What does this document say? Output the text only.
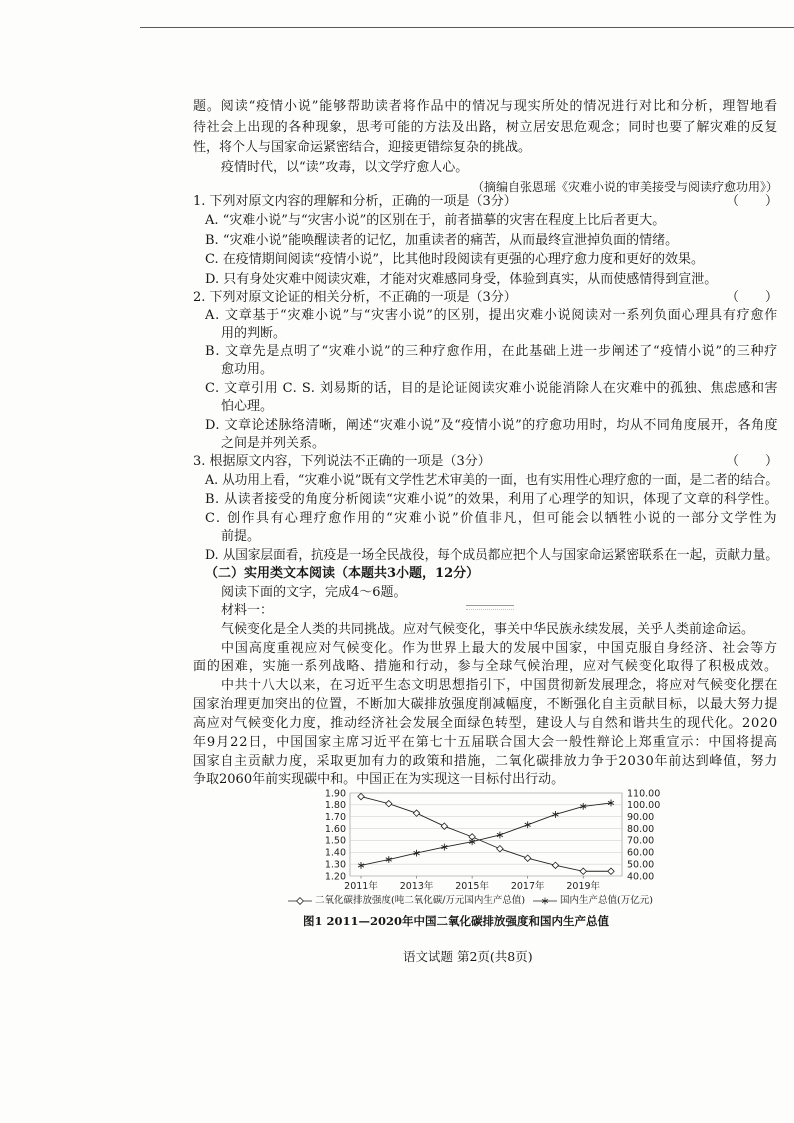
题。阅读“疫情小说”能够帮助读者将作品中的情况与现实所处的情况进行对比和分析，理智地看
待社会上出现的各种现象，思考可能的方法及出路，树立居安思危观念；同时也要了解灾难的反复
性，将个人与国家命运紧密结合，迎接更错综复杂的挑战。
疫情时代，以“读”攻毒，以文学疗愈人心。
（摘编自张恩瑶《灾难小说的审美接受与阅读疗愈功用》）
1. 下列对原文内容的理解和分析，正确的一项是（3分）	（　　）
A. “灾难小说”与“灾害小说”的区别在于，前者描摹的灾害在程度上比后者更大。
B. “灾难小说”能唤醒读者的记忆，加重读者的痛苦，从而最终宣泄掉负面的情绪。
C. 在疫情期间阅读“疫情小说”，比其他时段阅读有更强的心理疗愈力度和更好的效果。
D. 只有身处灾难中阅读灾难，才能对灾难感同身受，体验到真实，从而使感情得到宣泄。
2. 下列对原文论证的相关分析，不正确的一项是（3分）	（　　）
A. 文章基于“灾难小说”与“灾害小说”的区别，提出灾难小说阅读对一系列负面心理具有疗愈作
用的判断。
B. 文章先是点明了“灾难小说”的三种疗愈作用，在此基础上进一步阐述了“疫情小说”的三种疗
愈功用。
C. 文章引用 C. S. 刘易斯的话，目的是论证阅读灾难小说能消除人在灾难中的孤独、焦虑感和害
怕心理。
D. 文章论述脉络清晰，阐述“灾难小说”及“疫情小说”的疗愈功用时，均从不同角度展开，各角度
之间是并列关系。
3. 根据原文内容，下列说法不正确的一项是（3分）	（　　）
A. 从功用上看，“灾难小说”既有文学性艺术审美的一面，也有实用性心理疗愈的一面，是二者的结合。
B. 从读者接受的角度分析阅读“灾难小说”的效果，利用了心理学的知识，体现了文章的科学性。
C. 创作具有心理疗愈作用的“灾难小说”价值非凡，但可能会以牺牲小说的一部分文学性为
前提。
D. 从国家层面看，抗疫是一场全民战役，每个成员都应把个人与国家命运紧密联系在一起，贡献力量。
（二）实用类文本阅读（本题共3小题，12分）
阅读下面的文字，完成4～6题。
材料一：
气候变化是全人类的共同挑战。应对气候变化，事关中华民族永续发展，关乎人类前途命运。
中国高度重视应对气候变化。作为世界上最大的发展中国家，中国克服自身经济、社会等方
面的困难，实施一系列战略、措施和行动，参与全球气候治理，应对气候变化取得了积极成效。
中共十八大以来，在习近平生态文明思想指引下，中国贯彻新发展理念，将应对气候变化摆在
国家治理更加突出的位置，不断加大碳排放强度削减幅度，不断强化自主贡献目标，以最大努力提
高应对气候变化力度，推动经济社会发展全面绿色转型，建设人与自然和谐共生的现代化。2020
年9月22日，中国国家主席习近平在第七十五届联合国大会一般性辩论上郑重宣示：中国将提高
国家自主贡献力度，采取更加有力的政策和措施，二氧化碳排放力争于2030年前达到峰值，努力
争取2060年前实现碳中和。中国正在为实现这一目标付出行动。
1.90
1.80
1.70
1.60
1.50
1.40
1.30
1.20
110.00
100.00
90.00
80.00
70.00
60.00
50.00
40.00
2011年 2013年 2015年 2017年 2019年
二氧化碳排放强度(吨二氧化碳/万元国内生产总值)	国内生产总值(万亿元)
图1 2011—2020年中国二氧化碳排放强度和国内生产总值
语文试题 第2页(共8页)
